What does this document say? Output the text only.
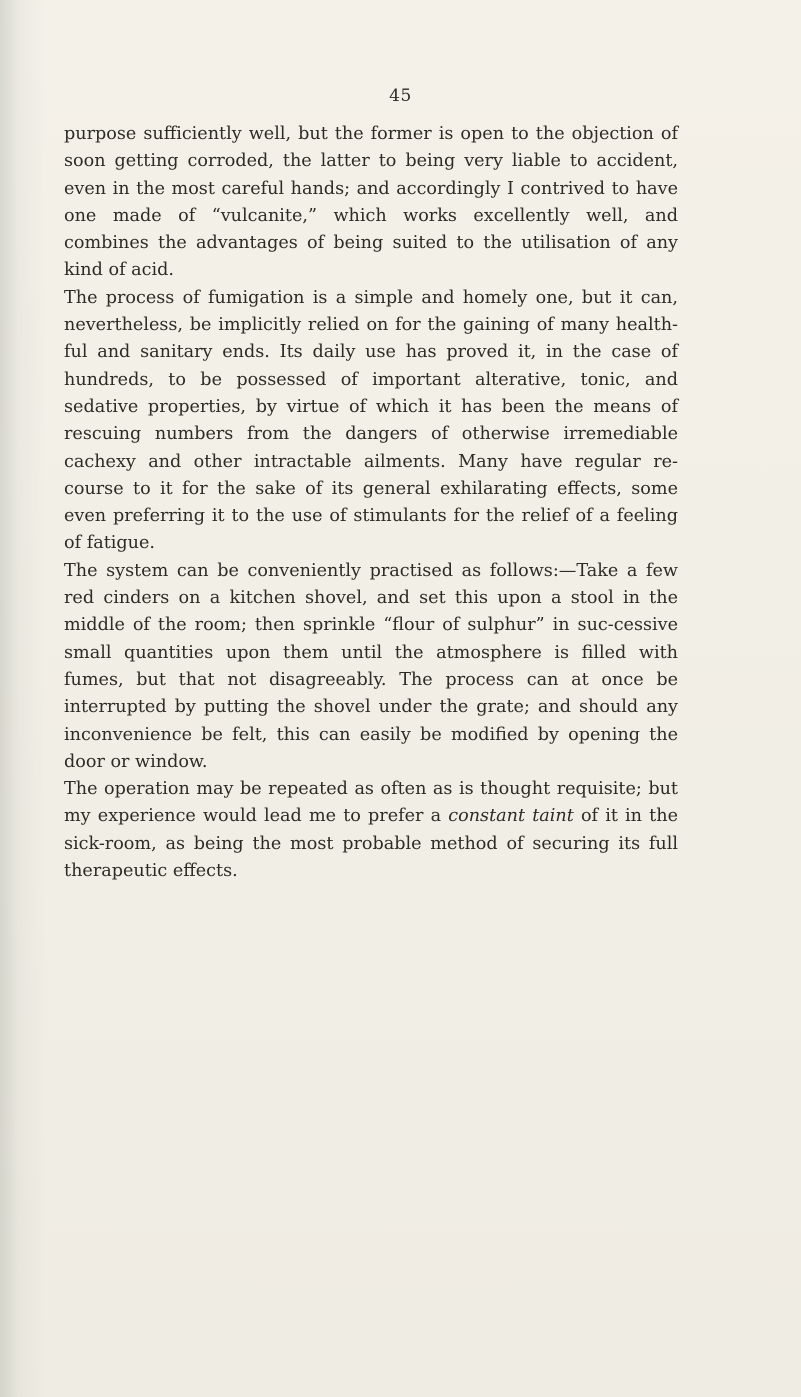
45

purpose sufficiently well, but the former is open to the objection of soon getting corroded, the latter to being very liable to accident, even in the most careful hands; and accordingly I contrived to have one made of “vulcanite,” which works excellently well, and combines the advantages of being suited to the utilisation of any kind of acid.

The process of fumigation is a simple and homely one, but it can, nevertheless, be implicitly relied on for the gaining of many health-ful and sanitary ends. Its daily use has proved it, in the case of hundreds, to be possessed of important alterative, tonic, and sedative properties, by virtue of which it has been the means of rescuing numbers from the dangers of otherwise irremediable cachexy and other intractable ailments. Many have regular re-course to it for the sake of its general exhilarating effects, some even preferring it to the use of stimulants for the relief of a feeling of fatigue.

The system can be conveniently practised as follows:—Take a few red cinders on a kitchen shovel, and set this upon a stool in the middle of the room; then sprinkle “flour of sulphur” in suc-cessive small quantities upon them until the atmosphere is filled with fumes, but that not disagreeably. The process can at once be interrupted by putting the shovel under the grate; and should any inconvenience be felt, this can easily be modified by opening the door or window.

The operation may be repeated as often as is thought requisite; but my experience would lead me to prefer a constant taint of it in the sick-room, as being the most probable method of securing its full therapeutic effects.
